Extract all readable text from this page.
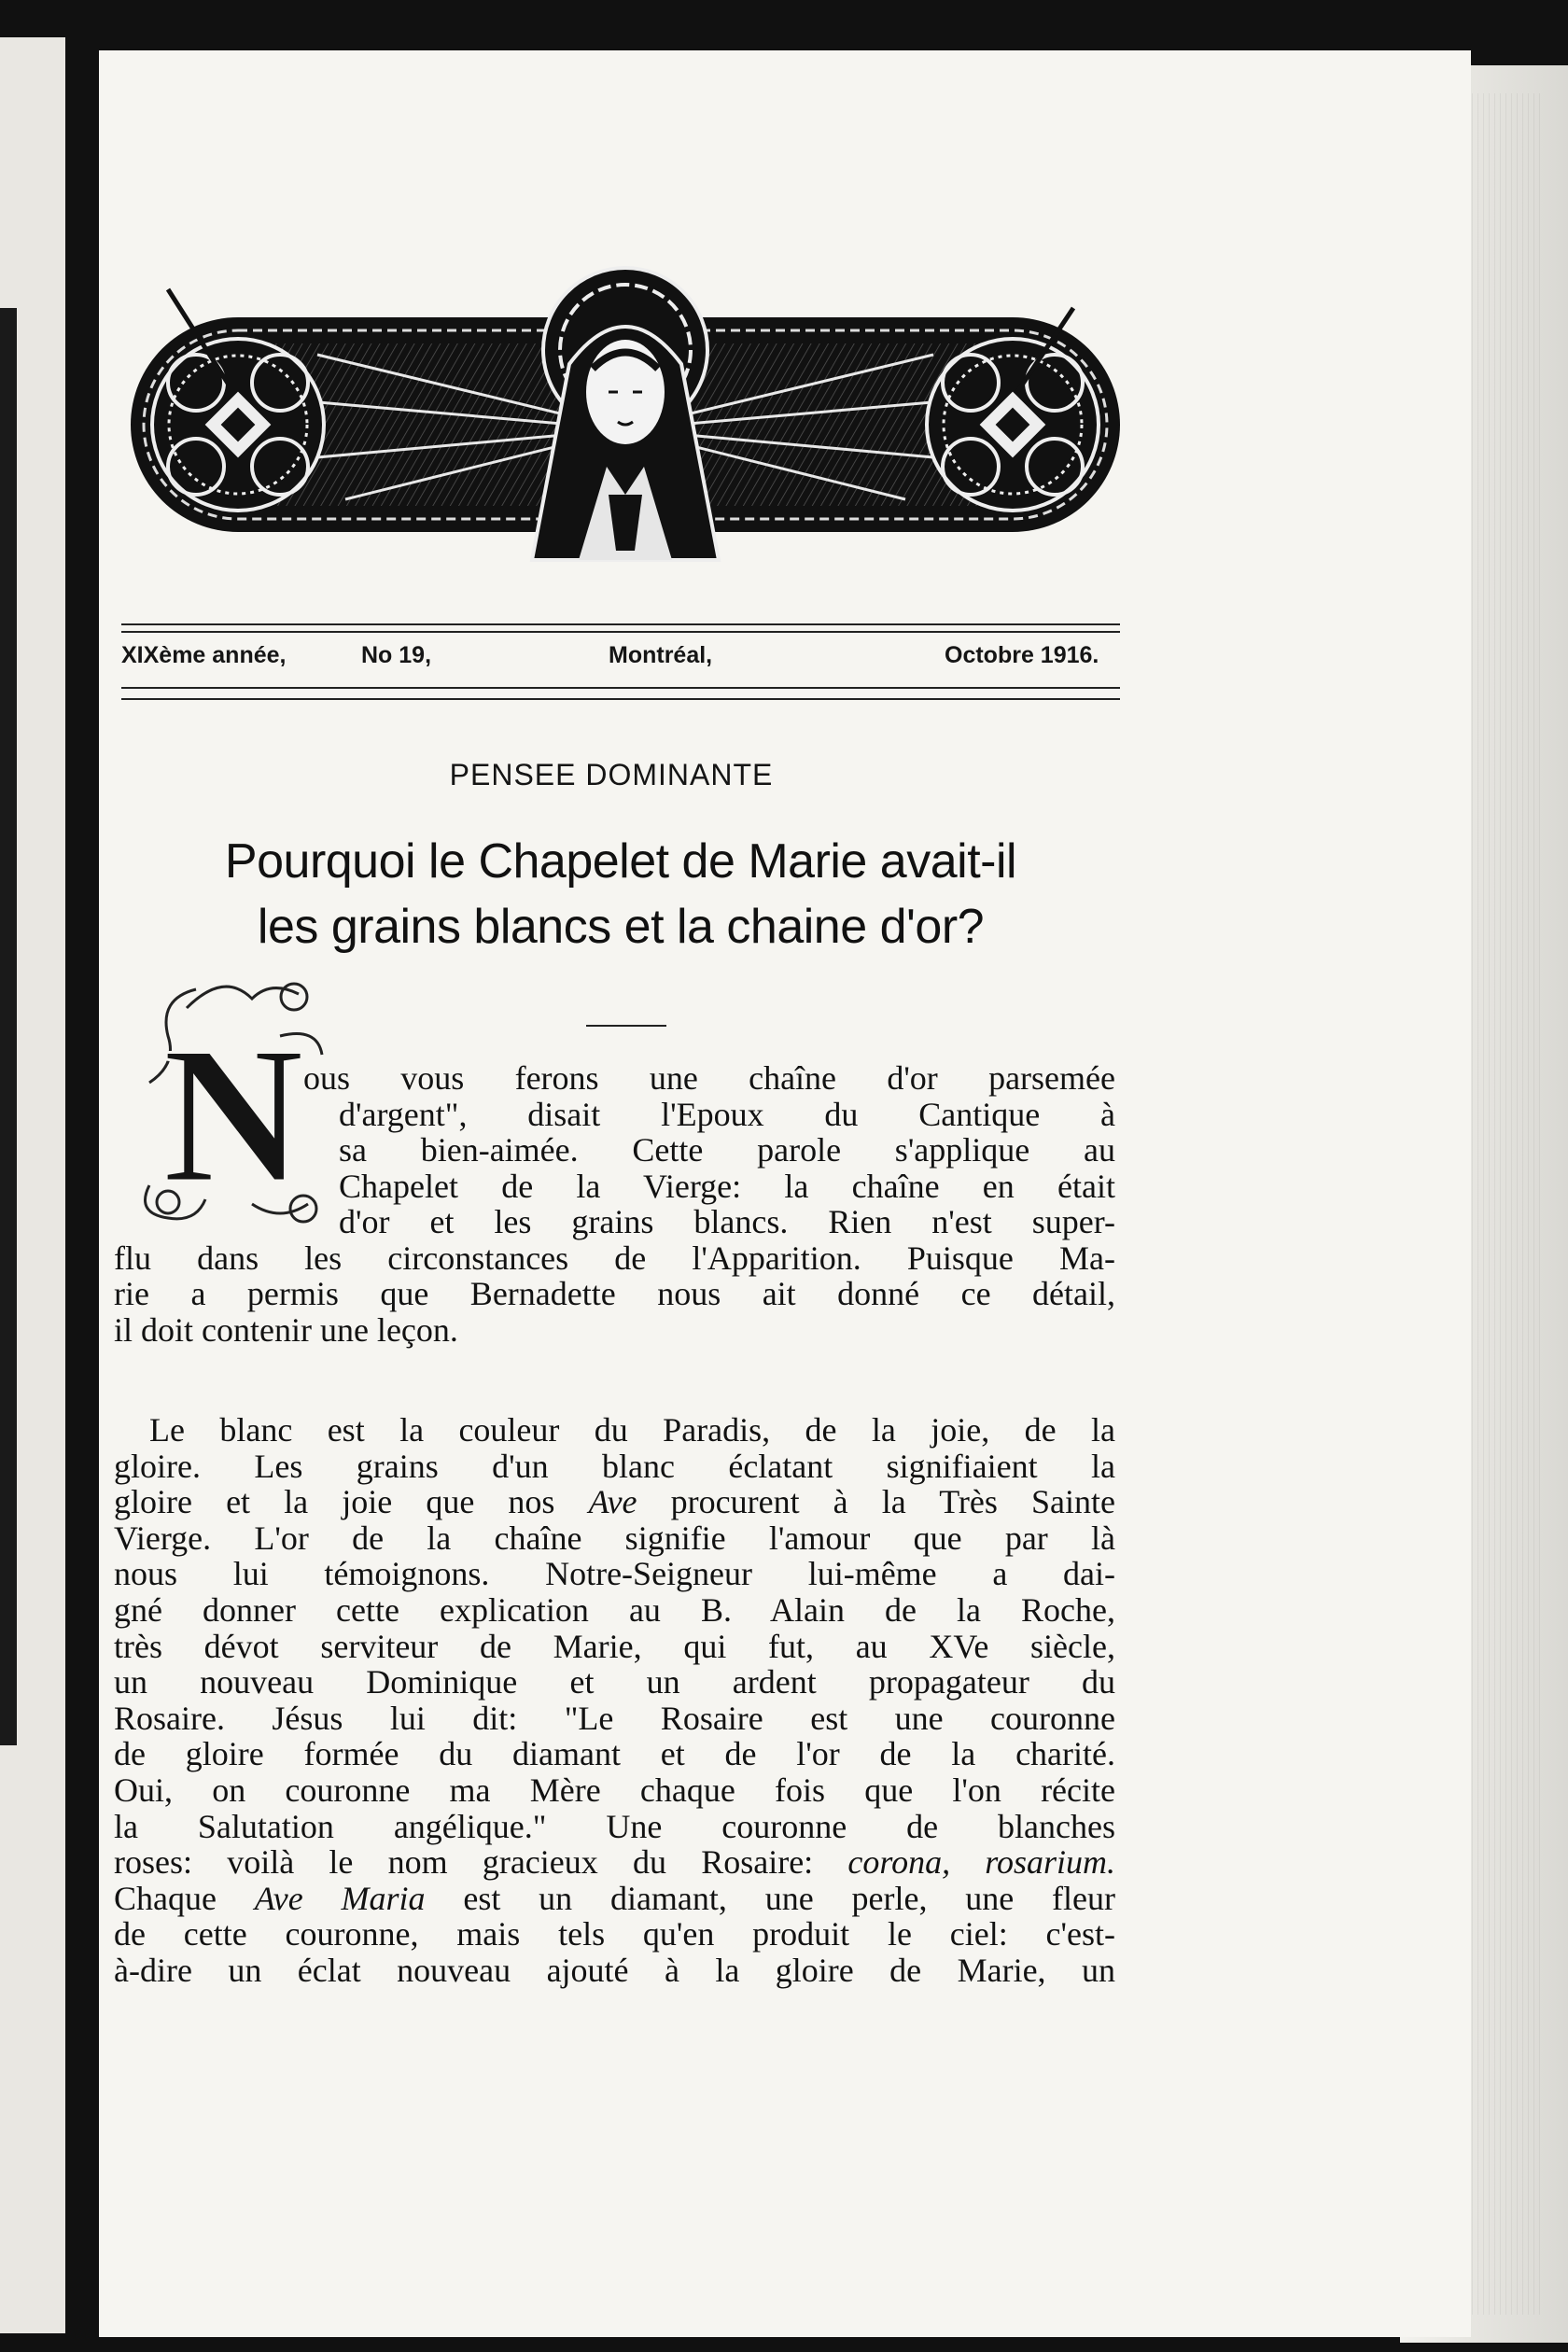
XIXème année,	No 19,	Montréal,	Octobre 1916.
PENSEE DOMINANTE
Pourquoi le Chapelet de Marie avait-il
les grains blancs et la chaine d'or?
N ous vous ferons une chaîne d'or parsemée
d'argent", disait l'Epoux du Cantique à
sa bien-aimée. Cette parole s'applique au
Chapelet de la Vierge: la chaîne en était
d'or et les grains blancs. Rien n'est super-
flu dans les circonstances de l'Apparition. Puisque Ma-
rie a permis que Bernadette nous ait donné ce détail,
il doit contenir une leçon.
Le blanc est la couleur du Paradis, de la joie, de la
gloire. Les grains d'un blanc éclatant signifiaient la
gloire et la joie que nos Ave procurent à la Très Sainte
Vierge. L'or de la chaîne signifie l'amour que par là
nous lui témoignons. Notre-Seigneur lui-même a dai-
gné donner cette explication au B. Alain de la Roche,
très dévot serviteur de Marie, qui fut, au XVe siècle,
un nouveau Dominique et un ardent propagateur du
Rosaire. Jésus lui dit: "Le Rosaire est une couronne
de gloire formée du diamant et de l'or de la charité.
Oui, on couronne ma Mère chaque fois que l'on récite
la Salutation angélique." Une couronne de blanches
roses: voilà le nom gracieux du Rosaire: corona, rosarium.
Chaque Ave Maria est un diamant, une perle, une fleur
de cette couronne, mais tels qu'en produit le ciel: c'est-
à-dire un éclat nouveau ajouté à la gloire de Marie, un
